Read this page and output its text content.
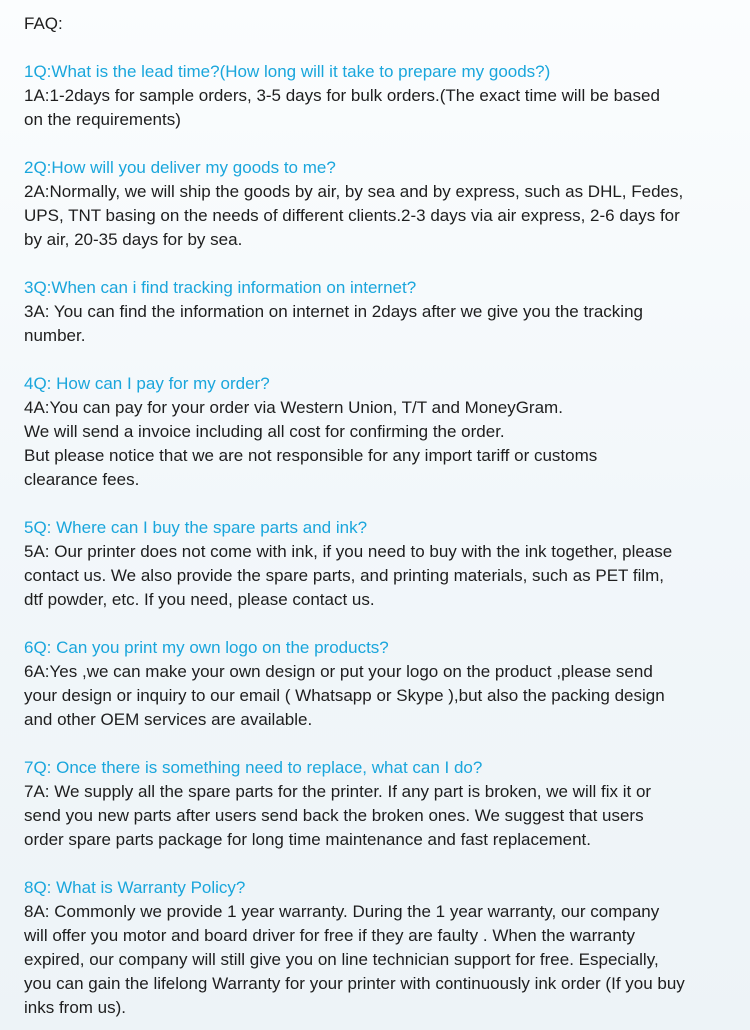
FAQ:

1Q:What is the lead time?(How long will it take to prepare my goods?)

1A:1-2days for sample orders, 3-5 days for bulk orders.(The exact time will be based

on the requirements)

2Q:How will you deliver my goods to me?

2A:Normally, we will ship the goods by air, by sea and by express, such as DHL, Fedes,

UPS, TNT basing on the needs of different clients.2-3 days via air express, 2-6 days for

by air, 20-35 days for by sea.

3Q:When can i find tracking information on internet?

3A: You can find the information on internet in 2days after we give you the tracking

number.

4Q: How can I pay for my order?

4A:You can pay for your order via Western Union, T/T and MoneyGram.

We will send a invoice including all cost for confirming the order.

But please notice that we are not responsible for any import tariff or customs

clearance fees.

5Q: Where can I buy the spare parts and ink?

5A: Our printer does not come with ink, if you need to buy with the ink together, please

contact us. We also provide the spare parts, and printing materials, such as PET film,

dtf powder, etc. If you need, please contact us.

6Q: Can you print my own logo on the products?

6A:Yes ,we can make your own design or put your logo on the product ,please send

your design or inquiry to our email ( Whatsapp or Skype ),but also the packing design

and other OEM services are available.

7Q: Once there is something need to replace, what can I do?

7A: We supply all the spare parts for the printer. If any part is broken, we will fix it or

send you new parts after users send back the broken ones. We suggest that users

order spare parts package for long time maintenance and fast replacement.

8Q: What is Warranty Policy?

8A: Commonly we provide 1 year warranty. During the 1 year warranty, our company

will offer you motor and board driver for free if they are faulty . When the warranty

expired, our company will still give you on line technician support for free. Especially,

you can gain the lifelong Warranty for your printer with continuously ink order (If you buy

inks from us).
